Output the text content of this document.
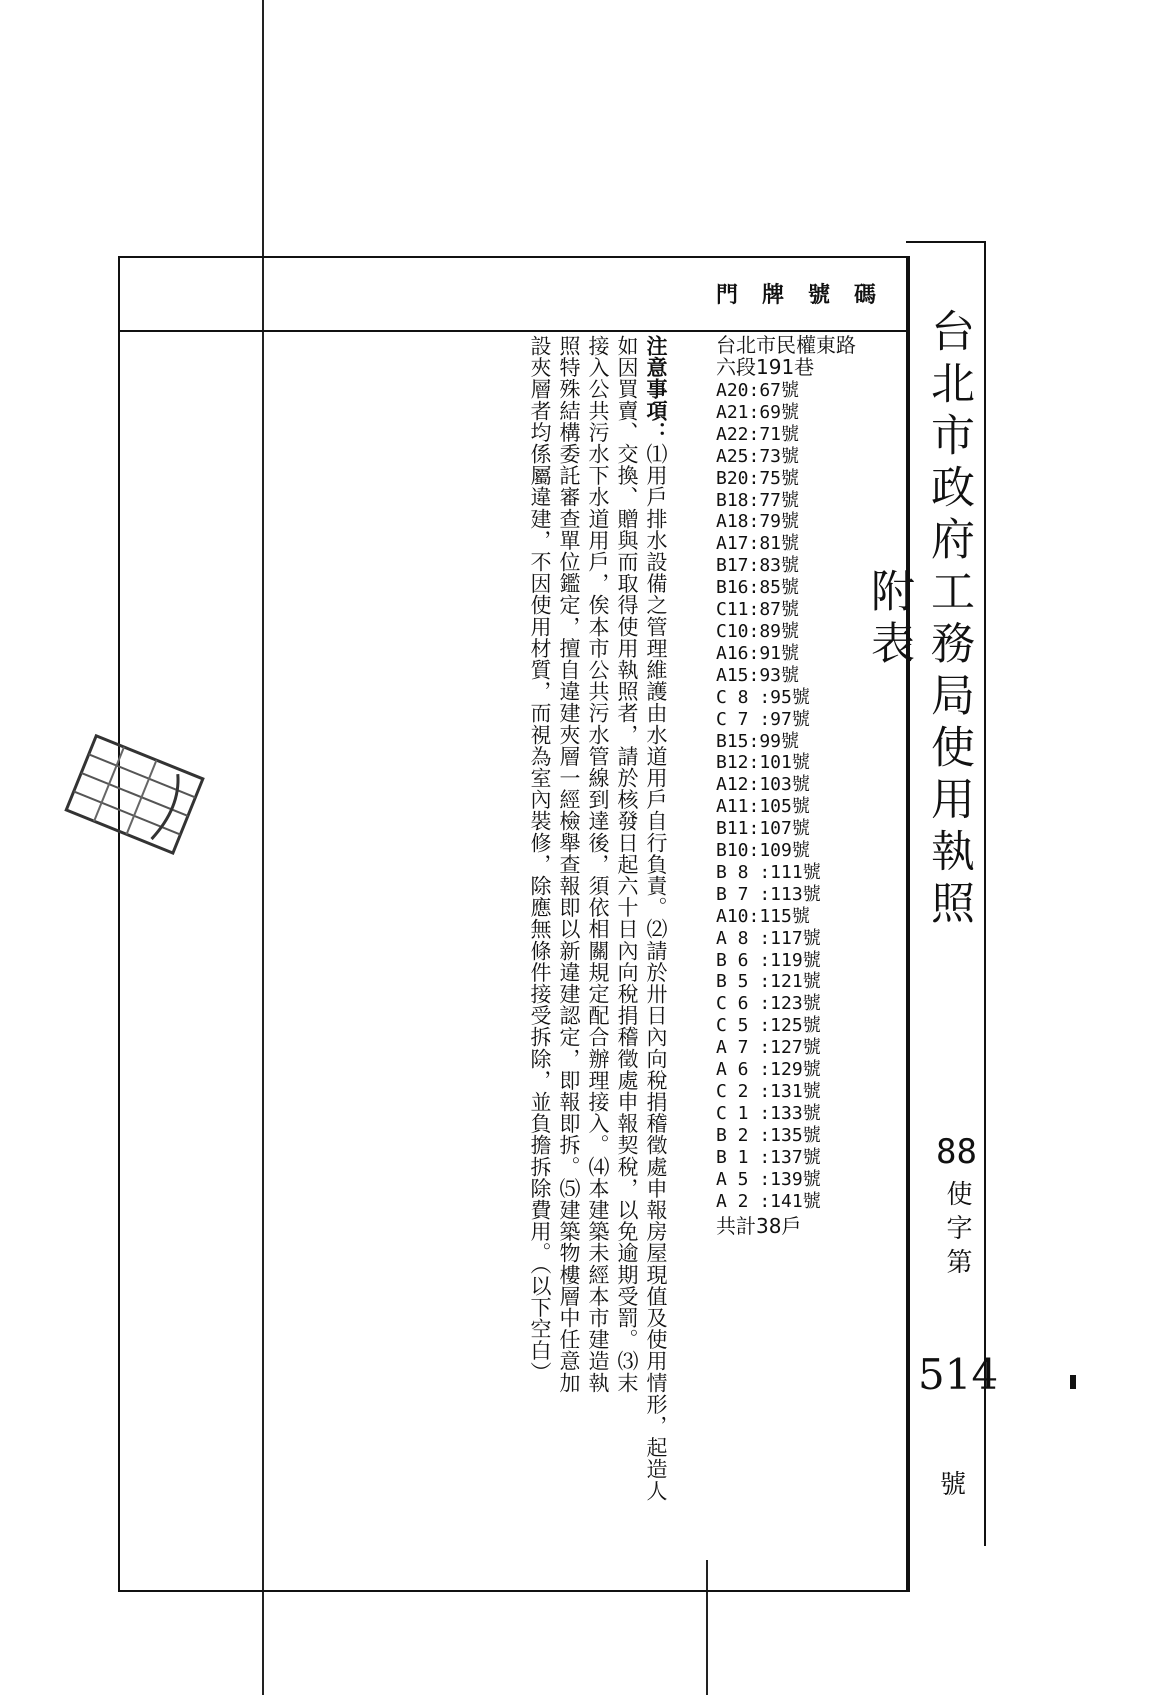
台北市政府工務局使用執照附表
88
使字第
514
號
門牌號碼
台北市民權東路
六段191巷
A20:67號
A21:69號
A22:71號
A25:73號
B20:75號
B18:77號
A18:79號
A17:81號
B17:83號
B16:85號
C11:87號
C10:89號
A16:91號
A15:93號
C 8 :95號
C 7 :97號
B15:99號
B12:101號
A12:103號
A11:105號
B11:107號
B10:109號
B 8 :111號
B 7 :113號
A10:115號
A 8 :117號
B 6 :119號
B 5 :121號
C 6 :123號
C 5 :125號
A 7 :127號
A 6 :129號
C 2 :131號
C 1 :133號
B 2 :135號
B 1 :137號
A 5 :139號
A 2 :141號
共計38戶
注意事項：⑴用戶排水設備之管理維護由水道用戶自行負責。⑵請於卅日內向稅捐稽徵處申報房屋現值及使用情形，起造人
如因買賣、交換、贈與而取得使用執照者，請於核發日起六十日內向稅捐稽徵處申報契稅，以免逾期受罰。⑶末
接入公共污水下水道用戶，俟本市公共污水管線到達後，須依相關規定配合辦理接入。⑷本建築未經本市建造執
照特殊結構委託審查單位鑑定，擅自違建夾層一經檢舉查報即以新違建認定，即報即拆。⑸建築物樓層中任意加
設夾層者均係屬違建，不因使用材質，而視為室內裝修，除應無條件接受拆除，並負擔拆除費用。（以下空白）
